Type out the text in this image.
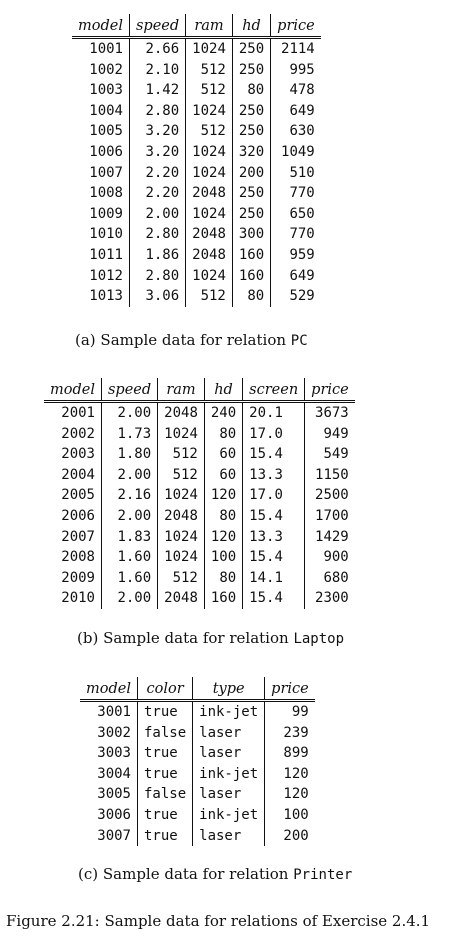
model	speed	ram	hd	price
1001	2.66	1024	250	2114
1002	2.10	512	250	995
1003	1.42	512	80	478
1004	2.80	1024	250	649
1005	3.20	512	250	630
1006	3.20	1024	320	1049
1007	2.20	1024	200	510
1008	2.20	2048	250	770
1009	2.00	1024	250	650
1010	2.80	2048	300	770
1011	1.86	2048	160	959
1012	2.80	1024	160	649
1013	3.06	512	80	529
(a) Sample data for relation PC
model	speed	ram	hd	screen	price
2001	2.00	2048	240	20.1	3673
2002	1.73	1024	80	17.0	949
2003	1.80	512	60	15.4	549
2004	2.00	512	60	13.3	1150
2005	2.16	1024	120	17.0	2500
2006	2.00	2048	80	15.4	1700
2007	1.83	1024	120	13.3	1429
2008	1.60	1024	100	15.4	900
2009	1.60	512	80	14.1	680
2010	2.00	2048	160	15.4	2300
(b) Sample data for relation Laptop
model	color	type	price
3001	true	ink-jet	99
3002	false	laser	239
3003	true	laser	899
3004	true	ink-jet	120
3005	false	laser	120
3006	true	ink-jet	100
3007	true	laser	200
(c) Sample data for relation Printer
Figure 2.21: Sample data for relations of Exercise 2.4.1
